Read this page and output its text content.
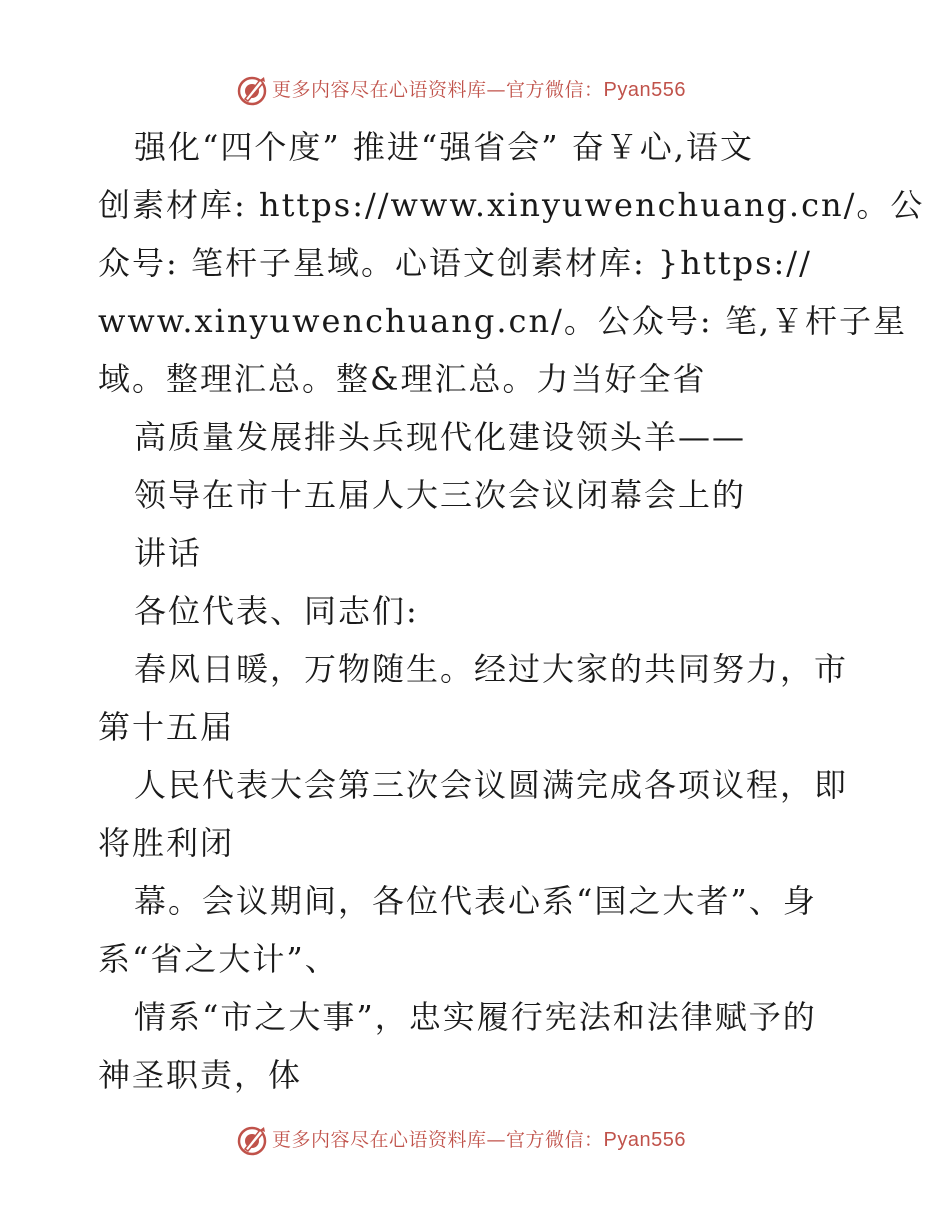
更多内容尽在心语资料库—官方微信：Pyan556
强化“四个度” 推进“强省会” 奋￥心,语文
创素材库: https://www.xinyuwenchuang.cn/。公
众号: 笔杆子星域。心语文创素材库: }https://
www.xinyuwenchuang.cn/。公众号: 笔,￥杆子星
域。整理汇总。整&理汇总。力当好全省
高质量发展排头兵现代化建设领头羊——
领导在市十五届人大三次会议闭幕会上的
讲话
各位代表、同志们:
春风日暖，万物随生。经过大家的共同努力，市
第十五届
人民代表大会第三次会议圆满完成各项议程，即
将胜利闭
幕。会议期间，各位代表心系“国之大者”、身
系“省之大计”、
情系“市之大事”，忠实履行宪法和法律赋予的
神圣职责，体
更多内容尽在心语资料库—官方微信：Pyan556
